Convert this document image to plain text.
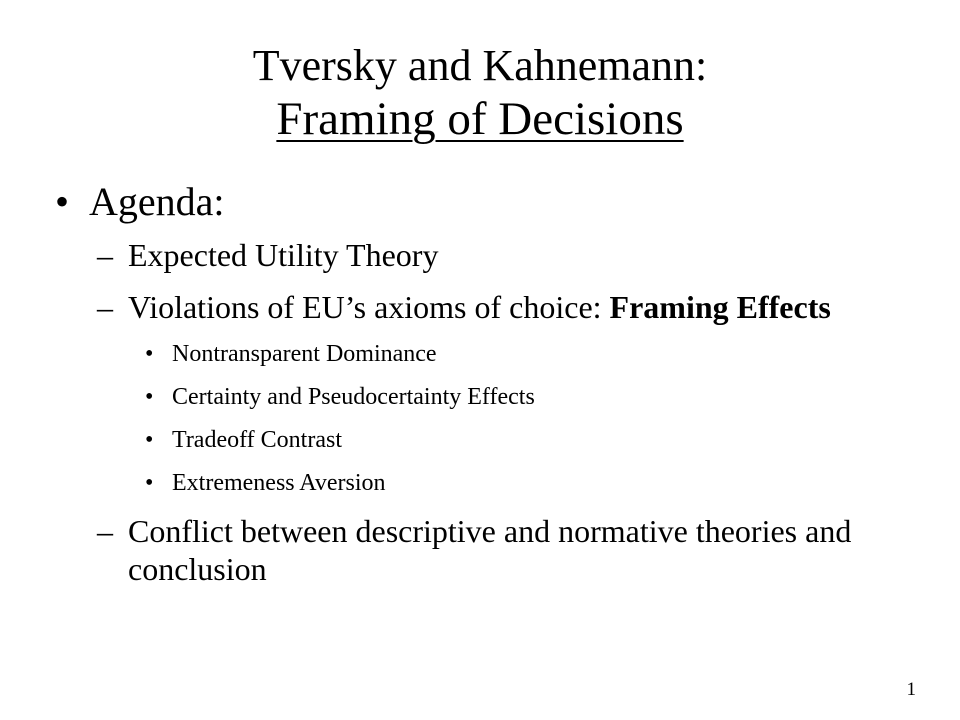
Tversky and Kahnemann:
Framing of Decisions
• Agenda:
– Expected Utility Theory
– Violations of EU’s axioms of choice: Framing Effects
• Nontransparent Dominance
• Certainty and Pseudocertainty Effects
• Tradeoff Contrast
• Extremeness Aversion
– Conflict between descriptive and normative theories and conclusion
1
